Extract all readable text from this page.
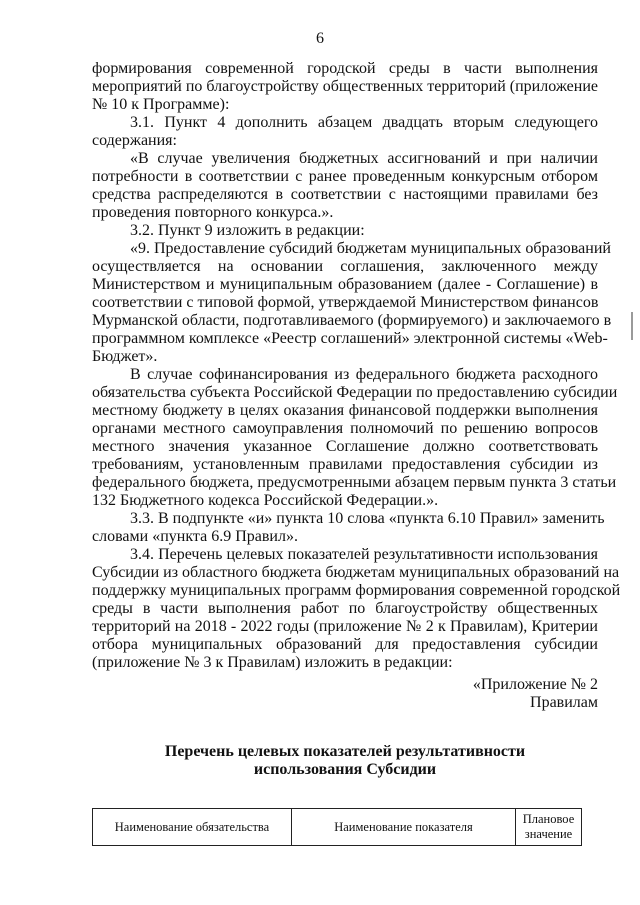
6
формирования современной городской среды в части выполнения
мероприятий по благоустройству общественных территорий (приложение
№ 10 к Программе):
3.1. Пункт 4 дополнить абзацем двадцать вторым следующего
содержания:
«В случае увеличения бюджетных ассигнований и при наличии
потребности в соответствии с ранее проведенным конкурсным отбором
средства распределяются в соответствии с настоящими правилами без
проведения повторного конкурса.».
3.2. Пункт 9 изложить в редакции:
«9. Предоставление субсидий бюджетам муниципальных образований
осуществляется на основании соглашения, заключенного между
Министерством и муниципальным образованием (далее - Соглашение) в
соответствии с типовой формой, утверждаемой Министерством финансов
Мурманской области, подготавливаемого (формируемого) и заключаемого в
программном комплексе «Реестр соглашений» электронной системы «Web-
Бюджет».
В случае софинансирования из федерального бюджета расходного
обязательства субъекта Российской Федерации по предоставлению субсидии
местному бюджету в целях оказания финансовой поддержки выполнения
органами местного самоуправления полномочий по решению вопросов
местного значения указанное Соглашение должно соответствовать
требованиям, установленным правилами предоставления субсидии из
федерального бюджета, предусмотренными абзацем первым пункта 3 статьи
132 Бюджетного кодекса Российской Федерации.».
3.3. В подпункте «и» пункта 10 слова «пункта 6.10 Правил» заменить
словами «пункта 6.9 Правил».
3.4. Перечень целевых показателей результативности использования
Субсидии из областного бюджета бюджетам муниципальных образований на
поддержку муниципальных программ формирования современной городской
среды в части выполнения работ по благоустройству общественных
территорий на 2018 - 2022 годы (приложение № 2 к Правилам), Критерии
отбора муниципальных образований для предоставления субсидии
(приложение № 3 к Правилам) изложить в редакции:
«Приложение № 2
Правилам
Перечень целевых показателей результативности
использования Субсидии
Наименование обязательства	Наименование показателя	Плановое
значение
